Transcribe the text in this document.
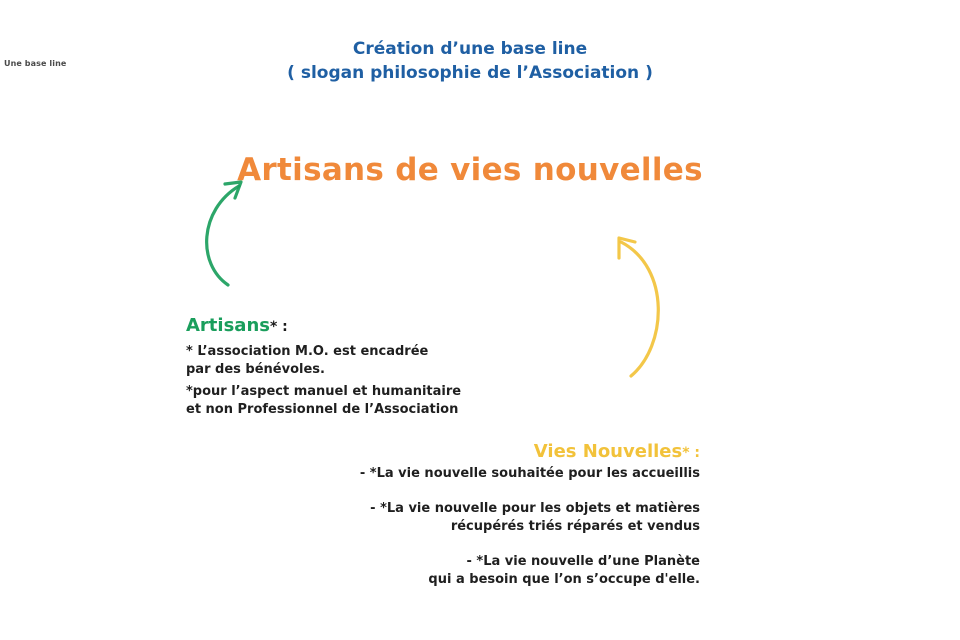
Une base line
Création d’une base line
( slogan philosophie de l’Association )
Artisans de vies nouvelles
Artisans* :
* L’association M.O. est encadrée
par des bénévoles.
*pour l’aspect manuel et humanitaire
et non Professionnel de l’Association
Vies Nouvelles* :
- *La vie nouvelle souhaitée pour les accueillis
- *La vie nouvelle pour les objets et matières
récupérés triés réparés et vendus
- *La vie nouvelle d’une Planète
qui a besoin que l’on s’occupe d'elle.
